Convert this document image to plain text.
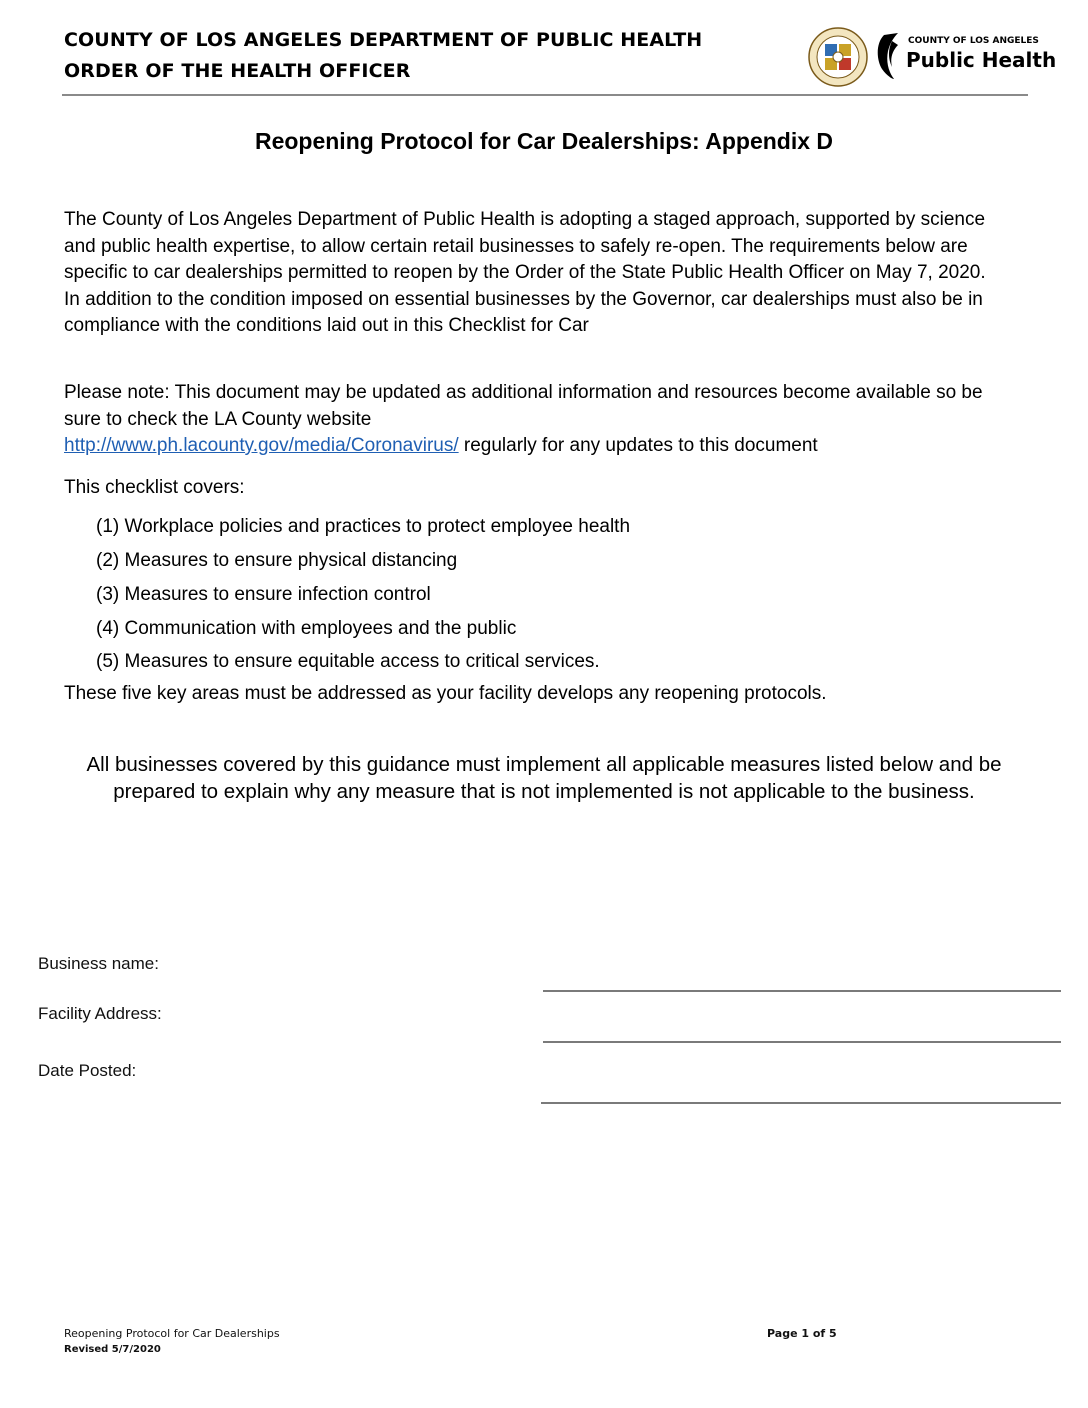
COUNTY OF LOS ANGELES DEPARTMENT OF PUBLIC HEALTH
ORDER OF THE HEALTH OFFICER
COUNTY OF LOS ANGELES
Public Health
Reopening Protocol for Car Dealerships: Appendix D
The County of Los Angeles Department of Public Health is adopting a staged approach, supported by science and public health expertise, to allow certain retail businesses to safely re-open. The requirements below are specific to car dealerships permitted to reopen by the Order of the State Public Health Officer on May 7, 2020. In addition to the condition imposed on essential businesses by the Governor, car dealerships must also be in compliance with the conditions laid out in this Checklist for Car
Please note: This document may be updated as additional information and resources become available so be sure to check the LA County website
http://www.ph.lacounty.gov/media/Coronavirus/ regularly for any updates to this document
This checklist covers:
(1) Workplace policies and practices to protect employee health
(2) Measures to ensure physical distancing
(3) Measures to ensure infection control
(4) Communication with employees and the public
(5) Measures to ensure equitable access to critical services.
These five key areas must be addressed as your facility develops any reopening protocols.
All businesses covered by this guidance must implement all applicable measures listed below and be prepared to explain why any measure that is not implemented is not applicable to the business.
Business name:
Facility Address:
Date Posted:
Reopening Protocol for Car Dealerships
Revised 5/7/2020
Page 1 of 5
